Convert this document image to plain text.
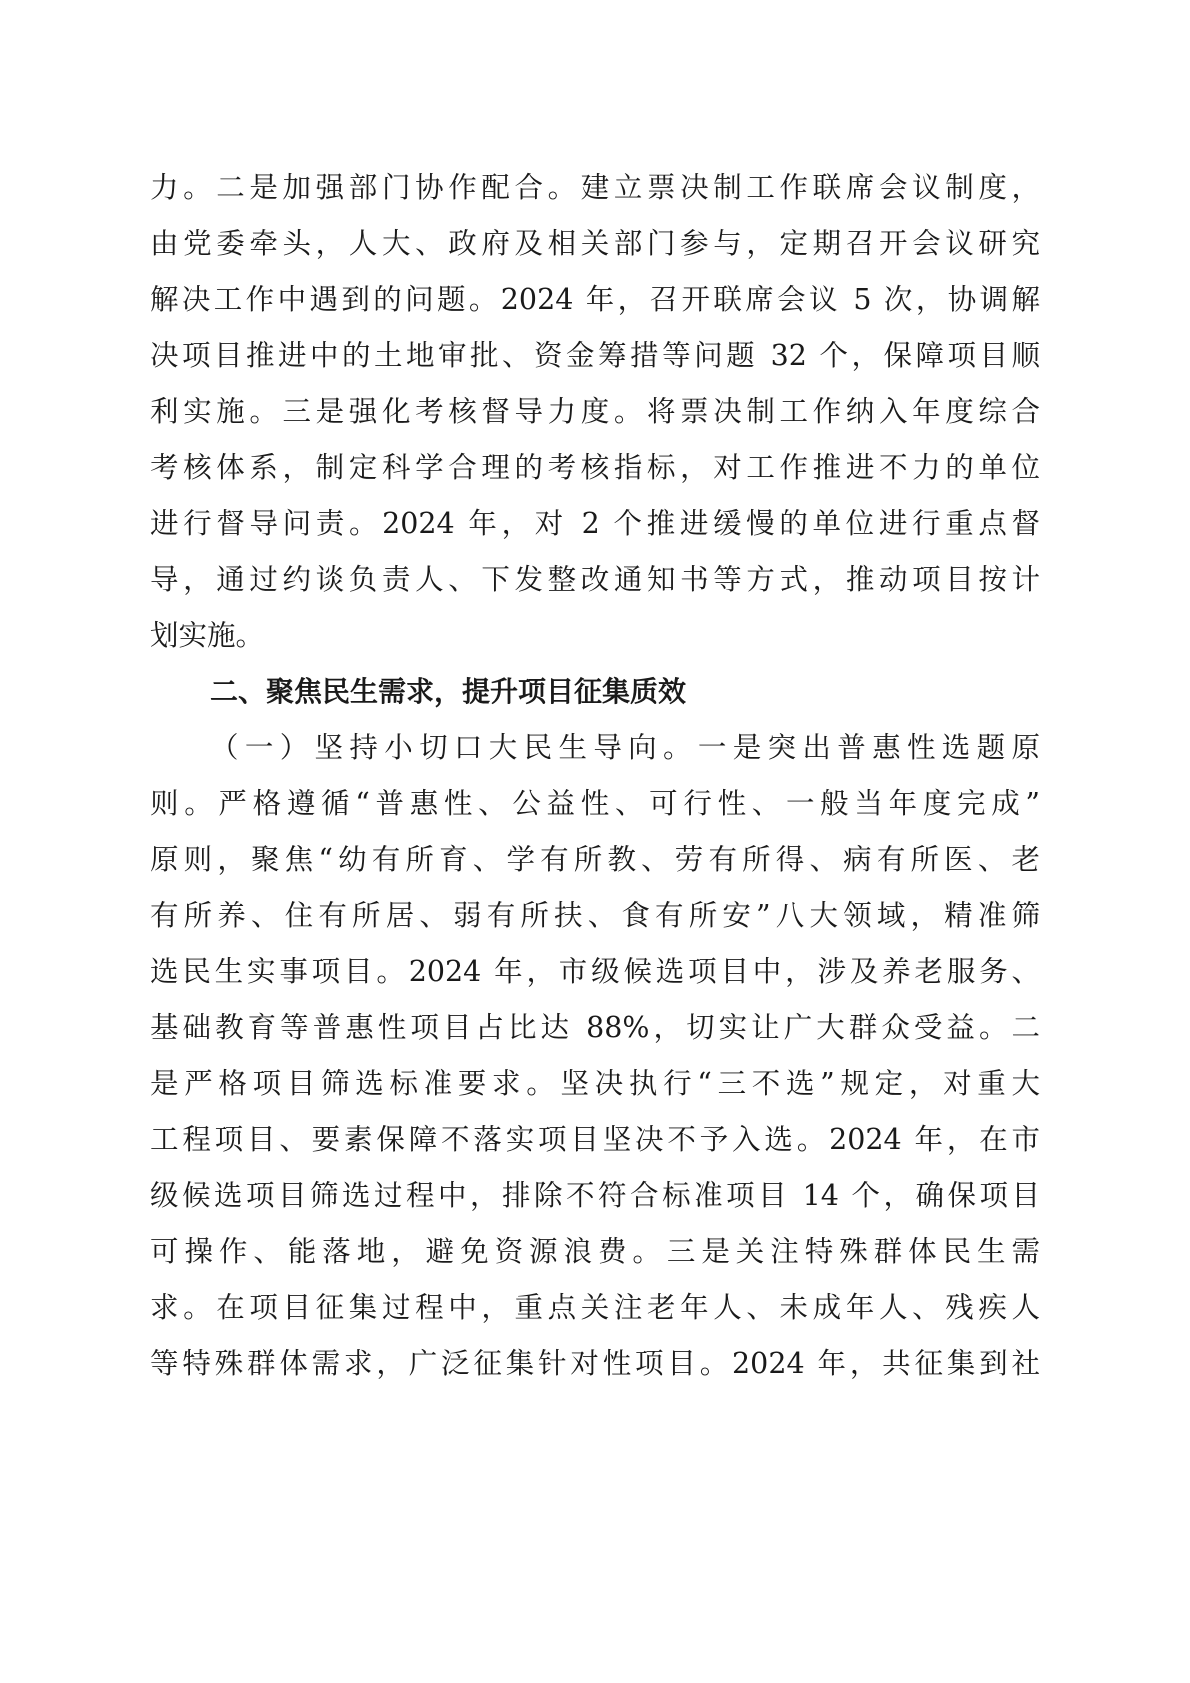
力。二是加强部门协作配合。建立票决制工作联席会议制度，
由党委牵头，人大、政府及相关部门参与，定期召开会议研究
解决工作中遇到的问题。2024 年，召开联席会议 5 次，协调解
决项目推进中的土地审批、资金筹措等问题 32 个，保障项目顺
利实施。三是强化考核督导力度。将票决制工作纳入年度综合
考核体系，制定科学合理的考核指标，对工作推进不力的单位
进行督导问责。2024 年，对 2 个推进缓慢的单位进行重点督
导，通过约谈负责人、下发整改通知书等方式，推动项目按计
划实施。
二、聚焦民生需求，提升项目征集质效
（一）坚持小切口大民生导向。一是突出普惠性选题原
则。严格遵循“普惠性、公益性、可行性、一般当年度完成”
原则，聚焦“幼有所育、学有所教、劳有所得、病有所医、老
有所养、住有所居、弱有所扶、食有所安”八大领域，精准筛
选民生实事项目。2024 年，市级候选项目中，涉及养老服务、
基础教育等普惠性项目占比达 88%，切实让广大群众受益。二
是严格项目筛选标准要求。坚决执行“三不选”规定，对重大
工程项目、要素保障不落实项目坚决不予入选。2024 年，在市
级候选项目筛选过程中，排除不符合标准项目 14 个，确保项目
可操作、能落地，避免资源浪费。三是关注特殊群体民生需
求。在项目征集过程中，重点关注老年人、未成年人、残疾人
等特殊群体需求，广泛征集针对性项目。2024 年，共征集到社
